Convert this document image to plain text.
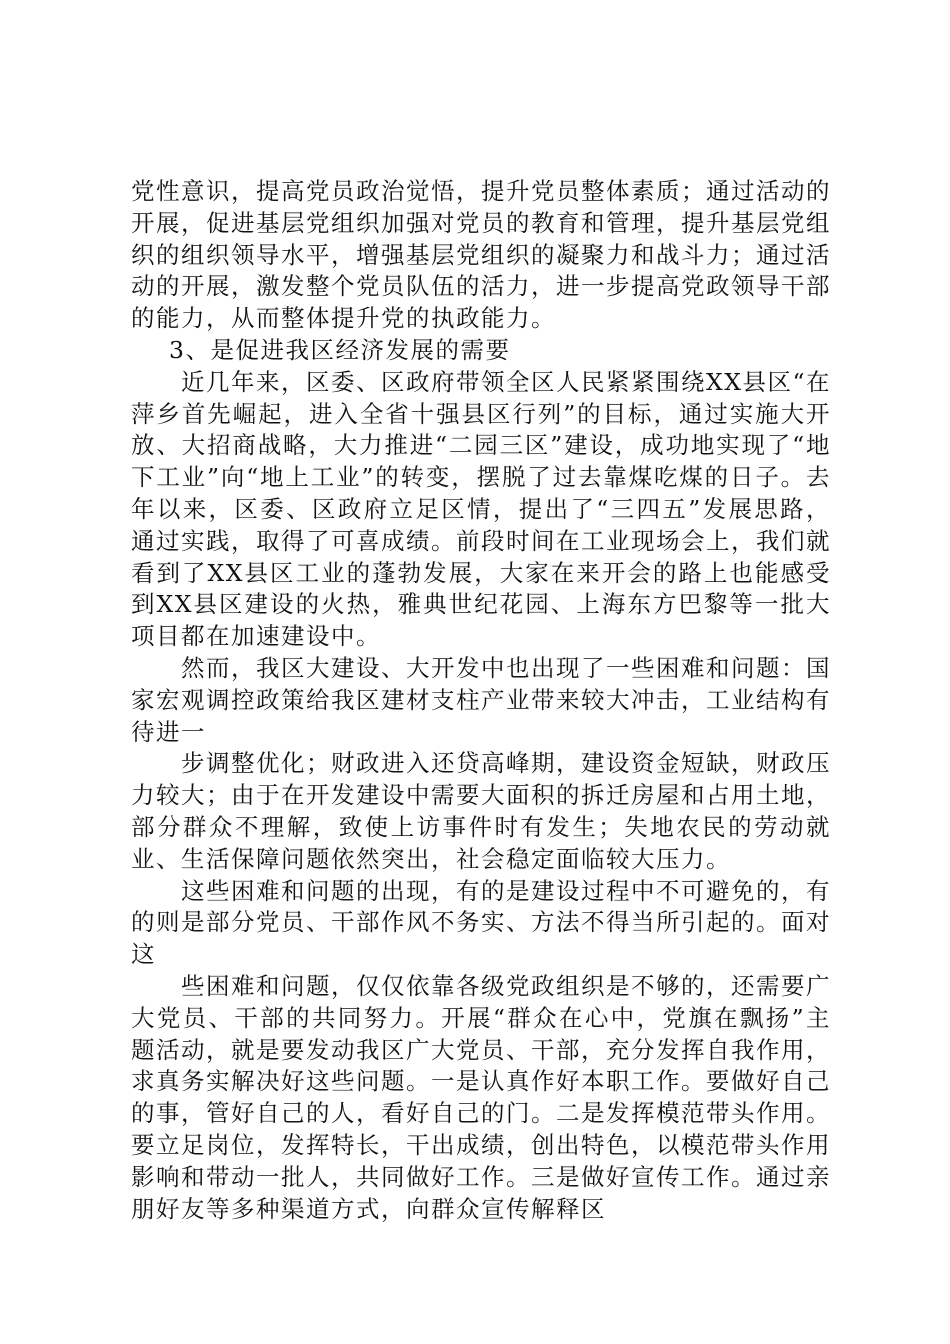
党性意识，提高党员政治觉悟，提升党员整体素质；通过活动的开展，促进基层党组织加强对党员的教育和管理，提升基层党组织的组织领导水平，增强基层党组织的凝聚力和战斗力；通过活动的开展，激发整个党员队伍的活力，进一步提高党政领导干部的能力，从而整体提升党的执政能力。

3、是促进我区经济发展的需要

近几年来，区委、区政府带领全区人民紧紧围绕XX县区“在萍乡首先崛起，进入全省十强县区行列”的目标，通过实施大开放、大招商战略，大力推进“二园三区”建设，成功地实现了“地下工业”向“地上工业”的转变，摆脱了过去靠煤吃煤的日子。去年以来，区委、区政府立足区情，提出了“三四五”发展思路，通过实践，取得了可喜成绩。前段时间在工业现场会上，我们就看到了XX县区工业的蓬勃发展，大家在来开会的路上也能感受到XX县区建设的火热，雅典世纪花园、上海东方巴黎等一批大项目都在加速建设中。

然而，我区大建设、大开发中也出现了一些困难和问题：国家宏观调控政策给我区建材支柱产业带来较大冲击，工业结构有待进一

步调整优化；财政进入还贷高峰期，建设资金短缺，财政压力较大；由于在开发建设中需要大面积的拆迁房屋和占用土地，部分群众不理解，致使上访事件时有发生；失地农民的劳动就业、生活保障问题依然突出，社会稳定面临较大压力。

这些困难和问题的出现，有的是建设过程中不可避免的，有的则是部分党员、干部作风不务实、方法不得当所引起的。面对这

些困难和问题，仅仅依靠各级党政组织是不够的，还需要广大党员、干部的共同努力。开展“群众在心中，党旗在飘扬”主题活动，就是要发动我区广大党员、干部，充分发挥自我作用，求真务实解决好这些问题。一是认真作好本职工作。要做好自己的事，管好自己的人，看好自己的门。二是发挥模范带头作用。要立足岗位，发挥特长，干出成绩，创出特色，以模范带头作用影响和带动一批人，共同做好工作。三是做好宣传工作。通过亲朋好友等多种渠道方式，向群众宣传解释区
